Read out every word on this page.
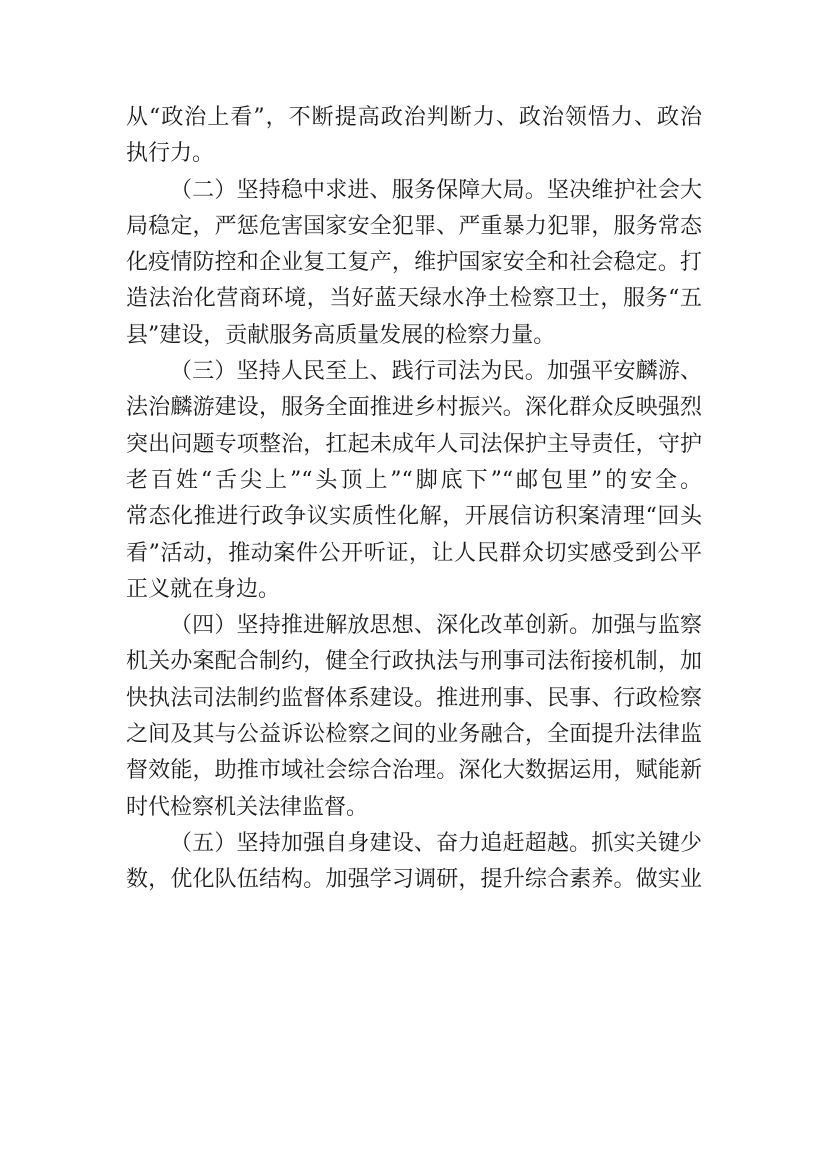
从“政治上看”，不断提高政治判断力、政治领悟力、政治
执行力。
（二）坚持稳中求进、服务保障大局。坚决维护社会大
局稳定，严惩危害国家安全犯罪、严重暴力犯罪，服务常态
化疫情防控和企业复工复产，维护国家安全和社会稳定。打
造法治化营商环境，当好蓝天绿水净土检察卫士，服务“五
县”建设，贡献服务高质量发展的检察力量。
（三）坚持人民至上、践行司法为民。加强平安麟游、
法治麟游建设，服务全面推进乡村振兴。深化群众反映强烈
突出问题专项整治，扛起未成年人司法保护主导责任，守护
老百姓“舌尖上”“头顶上”“脚底下”“邮包里”的安全。
常态化推进行政争议实质性化解，开展信访积案清理“回头
看”活动，推动案件公开听证，让人民群众切实感受到公平
正义就在身边。
（四）坚持推进解放思想、深化改革创新。加强与监察
机关办案配合制约，健全行政执法与刑事司法衔接机制，加
快执法司法制约监督体系建设。推进刑事、民事、行政检察
之间及其与公益诉讼检察之间的业务融合，全面提升法律监
督效能，助推市域社会综合治理。深化大数据运用，赋能新
时代检察机关法律监督。
（五）坚持加强自身建设、奋力追赶超越。抓实关键少
数，优化队伍结构。加强学习调研，提升综合素养。做实业
